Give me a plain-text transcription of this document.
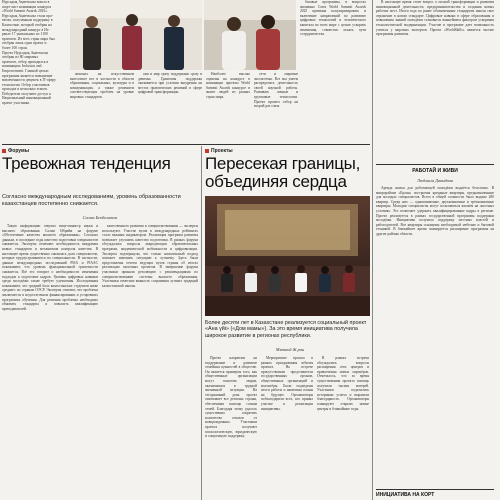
Нурсадық Ақметкалы вошла в
шорт-лист номинации конкурса
«World Summit Awards 2025».
Нурсадық Ақметкалы стала про-
ектом, полученным поддержку в
Казахстане, который отобран на
международный конкурс в Из-
раиле 17 уникальных из 1100
проектов. Из всех стран мира был
отобран лишь одни проект и
более 100 стран.
Проект Нурсадық Ақметкалы
отобран из 80 мировых
проектов, отбор проводился в
номинациях Inclusion and
Empowerment. Главной целью
программы является повышение
вовлечённости девушек в IT-сферу
технологии. Отбор участников
проходил в несколько этапов.
Победители получают доступ к
Национальный инновационный
проект участника.

базовые программы, в вопросах жизненно Союз World Summit Awards 2025 призвана популяризировать и включение направлений по развитию цифровых технологий и человеческого капитала во всем мире с целью ускорить изменения, совместно искать пути сотрудничества.

женских на искусственном интеллекте все в частности в области образования, социальных, культуры и в коммуникации, а также решением соответствующих проблем на уровне мировых стандартов.

они и мир сразу поддержано сразу в девичьи. Грантовая поддержка оказывается при условии внедрения на местах практических решений в сфере цифровой трансформации.

Наиболее высоко оценены на конкурсе в номинации проекты World Summit Awards конкурсе и знают людей из разных стран мира.

сети и мировые экосистемы. Все мы умеем распределять деятельность своей научной работы. Развивать личные и групповые технологии. Проект прошел отбор на второй раз глаза.

В настоящее время стоит вопрос о полной трансформации и развитии инновационной деятельности, предпринимательства и создания новых рабочих мест. Итоги года по ранее обозначенным стандартам нашли свое отражение в новом стандарте. Цифровые навыки в сфере образования и повышения знаний молодёжи становятся важнейшим фактором ускорения технологической модернизации. Участие в программе дает возможность учиться у мировых экспертов. Проект «WorldSkills» является частью программы развития.

Форумы
Тревожная тенденция
Согласно международным исследованиям, уровень образованности казахстанцев постепенно снижается.
Салим Бекболатов

Такую информацию озвучил вице-министр науки и высшего образования Салим Ибрайм на форуме «Обеспечение качества высшего образования». Согласно данным, в последние годы качество подготовки специалистов снижается. Эксперты отмечают необходимость внедрения новых стандартов и механизмов контроля качества. В настоящее время существенно снизилась доля специалистов, которые трудоустраиваются по специальности. В частности, данные международных исследований PISA и PIAAC показывают, что уровень функциональной грамотности снижается. Всё это говорит о необходимости изменения подходов к подготовке кадров. Уровень цифровых навыков среди молодёжи также требует улучшения. Исследования показывают, что средний балл казахстанских студентов ниже среднего по странам ОЭСР. Эксперты считают, что проблема заключается в недостаточном финансировании и устаревших программах обучения. Для решения проблемы необходимо обновить стандарты и повысить квалификацию преподавателей.

качественного развития и совершенствования — эксперты используют. Участие вузов в международных рейтингах стало важным индикатором. Реализация программ развития позволяет улучшить качество подготовки. В рамках форума обсуждались вопросы аккредитации образовательных программ, академической мобильности и цифровизации. Эксперты подчеркнули, что только комплексный подход поможет изменить ситуацию к лучшему. Здесь были представлены отчеты ведущих вузов страны об итогах реализации пилотных проектов. В завершение форума участники приняли резолюцию с рекомендациями по совершенствованию системы высшего образования. Участники отметили важность сохранения лучших традиций казахстанской школы.

Проекты
Пересекая границы, объединяя сердца
Более десяти лет в Казахстане реализуется социальный проект «Ана үйі» («Дом мамы»). За это время инициатива получила широкое развитие в регионах республики.
Мэтьюй Ж.ран

Проект направлен на поддержание и развитие семейных ценностей в обществе. Он является примером того, как общественные организации могут помогать людям, оказавшимся в трудной жизненной ситуации. На сегодняшний день проект охватывает все регионы страны, обеспечивая помощь сотням семей. Благодаря этому удалось существенно сократить количество отказов от новорожденных. Участники проекта получают психологическую, юридическую и социальную поддержку.

Мероприятие прошло в рамках празднования юбилея проекта. На встрече присутствовали представители государственных органов, общественных организаций и волонтёры. Были подведены итоги работы и намечены планы на будущее. Организаторы поблагодарили всех, кто принял участие в реализации инициативы.

В рамках встречи обсуждались вопросы расширения сети центров и привлечения новых партнёров. Отмечалось, что за время существования проекта помощь получили тысячи матерей. Участники поделились историями успеха и выразили благодарность. Организаторы планируют открыть новые центры в ближайшие годы.

РАБОТАЙ И ЖИВИ
Людмила Давыдова

Аренда жилья для работающей молодёжи выдаётся бесплатно. В микрорайоне «Ерлан» построены арендные квартиры, предназначенные для молодых специалистов. Всего в общей сложности было выдано 280 квартир. Среди них — однокомнатные, двухкомнатные и трёхкомнатные квартиры. Молодые специалисты могут пользоваться жильём на льготных условиях. Это позволяет удержать квалифицированные кадры в регионе. Проект реализуется в рамках государственной программы поддержки молодёжи. Инициатива получила поддержку местных властей и работодателей. Все квартиры оснащены необходимой мебелью и бытовой техникой. В ближайшее время планируется расширение программы на другие районы области.

ИНИЦИАТИВА НА КОРТ
